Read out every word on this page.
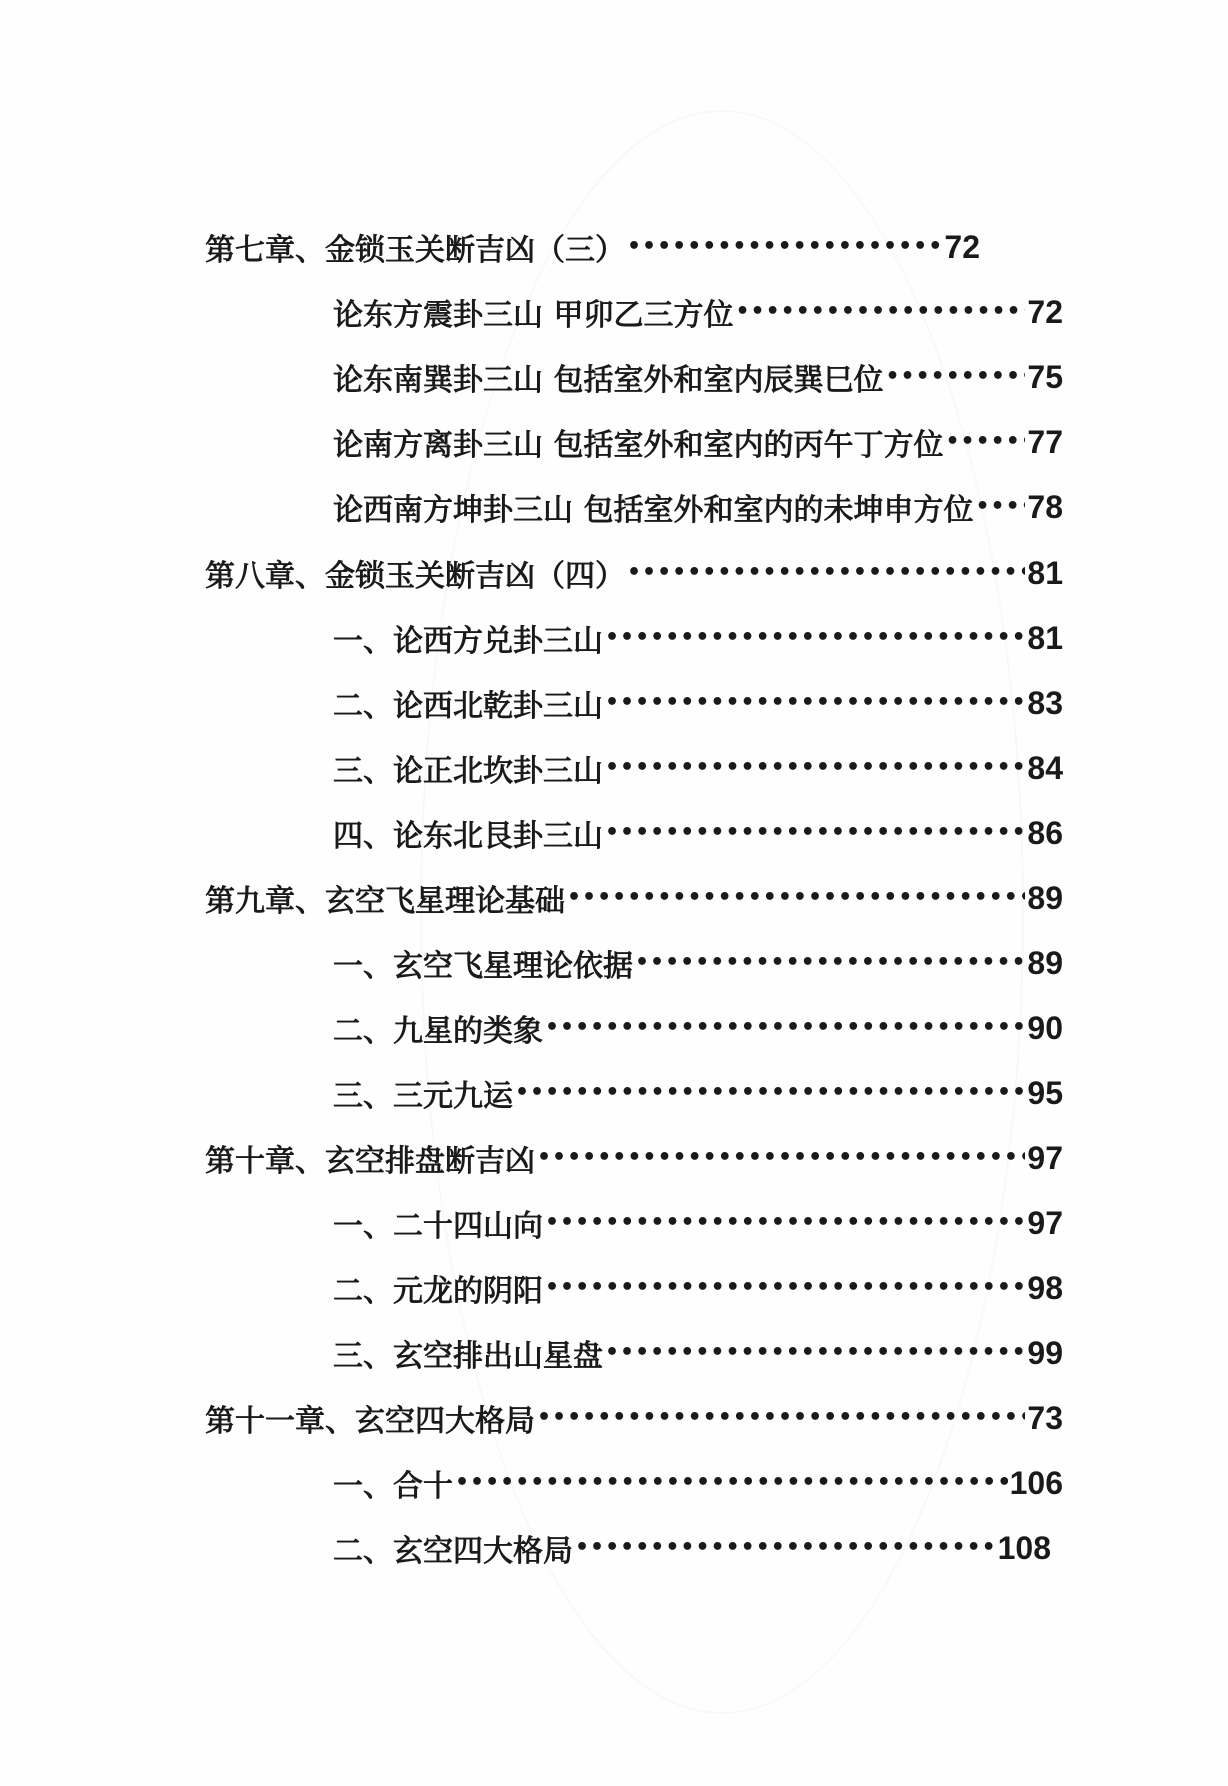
第七章、金锁玉关断吉凶（三） •••••	72
论东方震卦三山 甲卯乙三方位 •••••	72
论东南巽卦三山 包括室外和室内辰巽巳位 •••••	75
论南方离卦三山 包括室外和室内的丙午丁方位 •••••	77
论西南方坤卦三山 包括室外和室内的未坤申方位 ••••• 78
第八章、金锁玉关断吉凶（四） •••••	81
一、论西方兑卦三山 •••••	81
二、论西北乾卦三山 •••••	83
三、论正北坎卦三山 •••••	84
四、论东北艮卦三山 •••••	86
第九章、玄空飞星理论基础 •••••	89
一、玄空飞星理论依据 •••••	89
二、九星的类象 •••••	90
三、三元九运 •••••	95
第十章、玄空排盘断吉凶 •••••	97
一、二十四山向 •••••	97
二、元龙的阴阳 •••••	98
三、玄空排出山星盘 •••••	99
第十一章、玄空四大格局 •••••	73
一、合十 •••••	106
二、玄空四大格局 •••••	108
